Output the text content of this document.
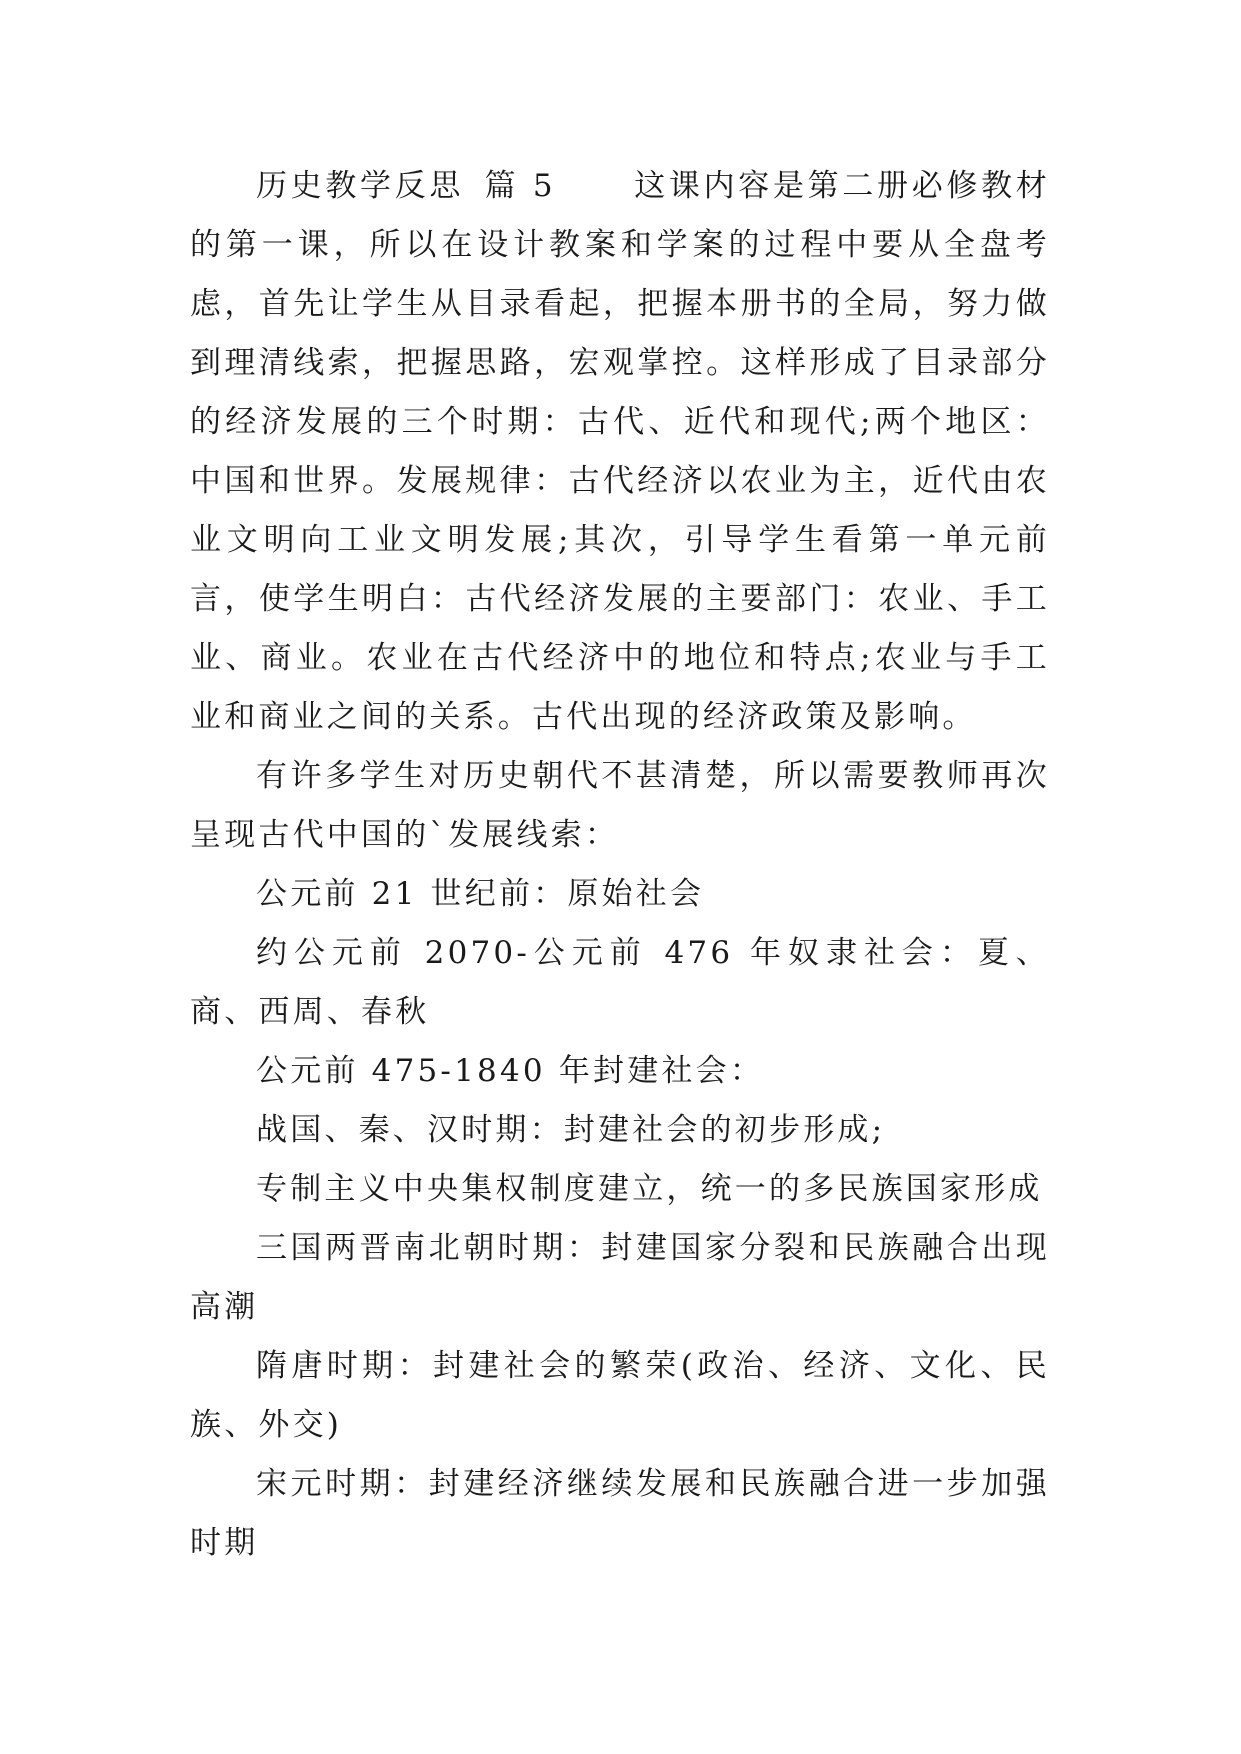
历史教学反思 篇 5	这课内容是第二册必修教材的第一课，所以在设计教案和学案的过程中要从全盘考虑，首先让学生从目录看起，把握本册书的全局，努力做到理清线索，把握思路，宏观掌控。这样形成了目录部分的经济发展的三个时期：古代、近代和现代;两个地区：中国和世界。发展规律：古代经济以农业为主，近代由农业文明向工业文明发展;其次，引导学生看第一单元前言，使学生明白：古代经济发展的主要部门：农业、手工业、商业。农业在古代经济中的地位和特点;农业与手工业和商业之间的关系。古代出现的经济政策及影响。

有许多学生对历史朝代不甚清楚，所以需要教师再次呈现古代中国的`发展线索：

公元前 21 世纪前：原始社会

约公元前 2070-公元前 476 年奴隶社会：夏、商、西周、春秋

公元前 475-1840 年封建社会：

战国、秦、汉时期：封建社会的初步形成;

专制主义中央集权制度建立，统一的多民族国家形成

三国两晋南北朝时期：封建国家分裂和民族融合出现高潮

隋唐时期：封建社会的繁荣(政治、经济、文化、民族、外交)

宋元时期：封建经济继续发展和民族融合进一步加强时期
